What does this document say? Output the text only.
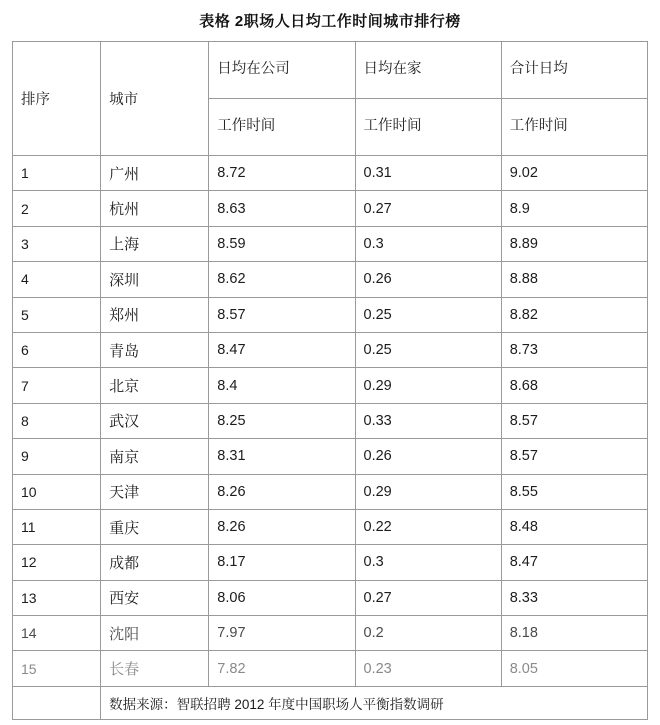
表格 2职场人日均工作时间城市排行榜
排序	城市	日均在公司	日均在家	合计日均
		工作时间	工作时间	工作时间
1	广州	8.72	0.31	9.02
2	杭州	8.63	0.27	8.9
3	上海	8.59	0.3	8.89
4	深圳	8.62	0.26	8.88
5	郑州	8.57	0.25	8.82
6	青岛	8.47	0.25	8.73
7	北京	8.4	0.29	8.68
8	武汉	8.25	0.33	8.57
9	南京	8.31	0.26	8.57
10	天津	8.26	0.29	8.55
11	重庆	8.26	0.22	8.48
12	成都	8.17	0.3	8.47
13	西安	8.06	0.27	8.33
14	沈阳	7.97	0.2	8.18
15	长春	7.82	0.23	8.05
	数据来源：智联招聘 2012 年度中国职场人平衡指数调研			
